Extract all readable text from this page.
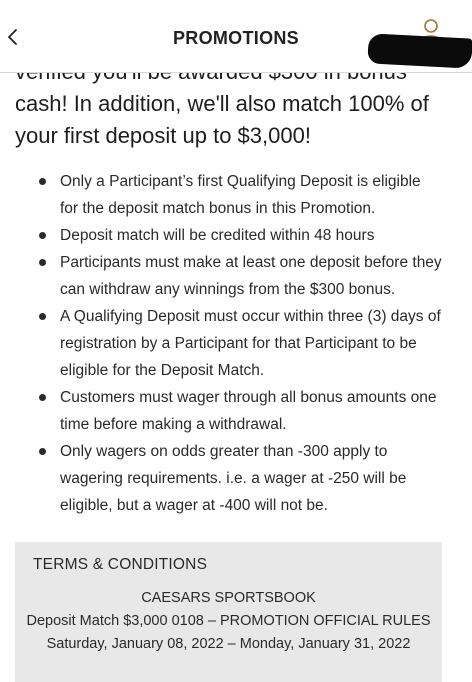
PROMOTIONS

cash! In addition, we'll also match 100% of

your first deposit up to $3,000!

Only a Participant’s first Qualifying Deposit is eligible for the deposit match bonus in this Promotion.
Deposit match will be credited within 48 hours
Participants must make at least one deposit before they can withdraw any winnings from the $300 bonus.
A Qualifying Deposit must occur within three (3) days of registration by a Participant for that Participant to be eligible for the Deposit Match.
Customers must wager through all bonus amounts one time before making a withdrawal.
Only wagers on odds greater than -300 apply to wagering requirements. i.e. a wager at -250 will be eligible, but a wager at -400 will not be.
TERMS & CONDITIONS
CAESARS SPORTSBOOK
Deposit Match $3,000 0108 – PROMOTION OFFICIAL RULES
Saturday, January 08, 2022 – Monday, January 31, 2022
